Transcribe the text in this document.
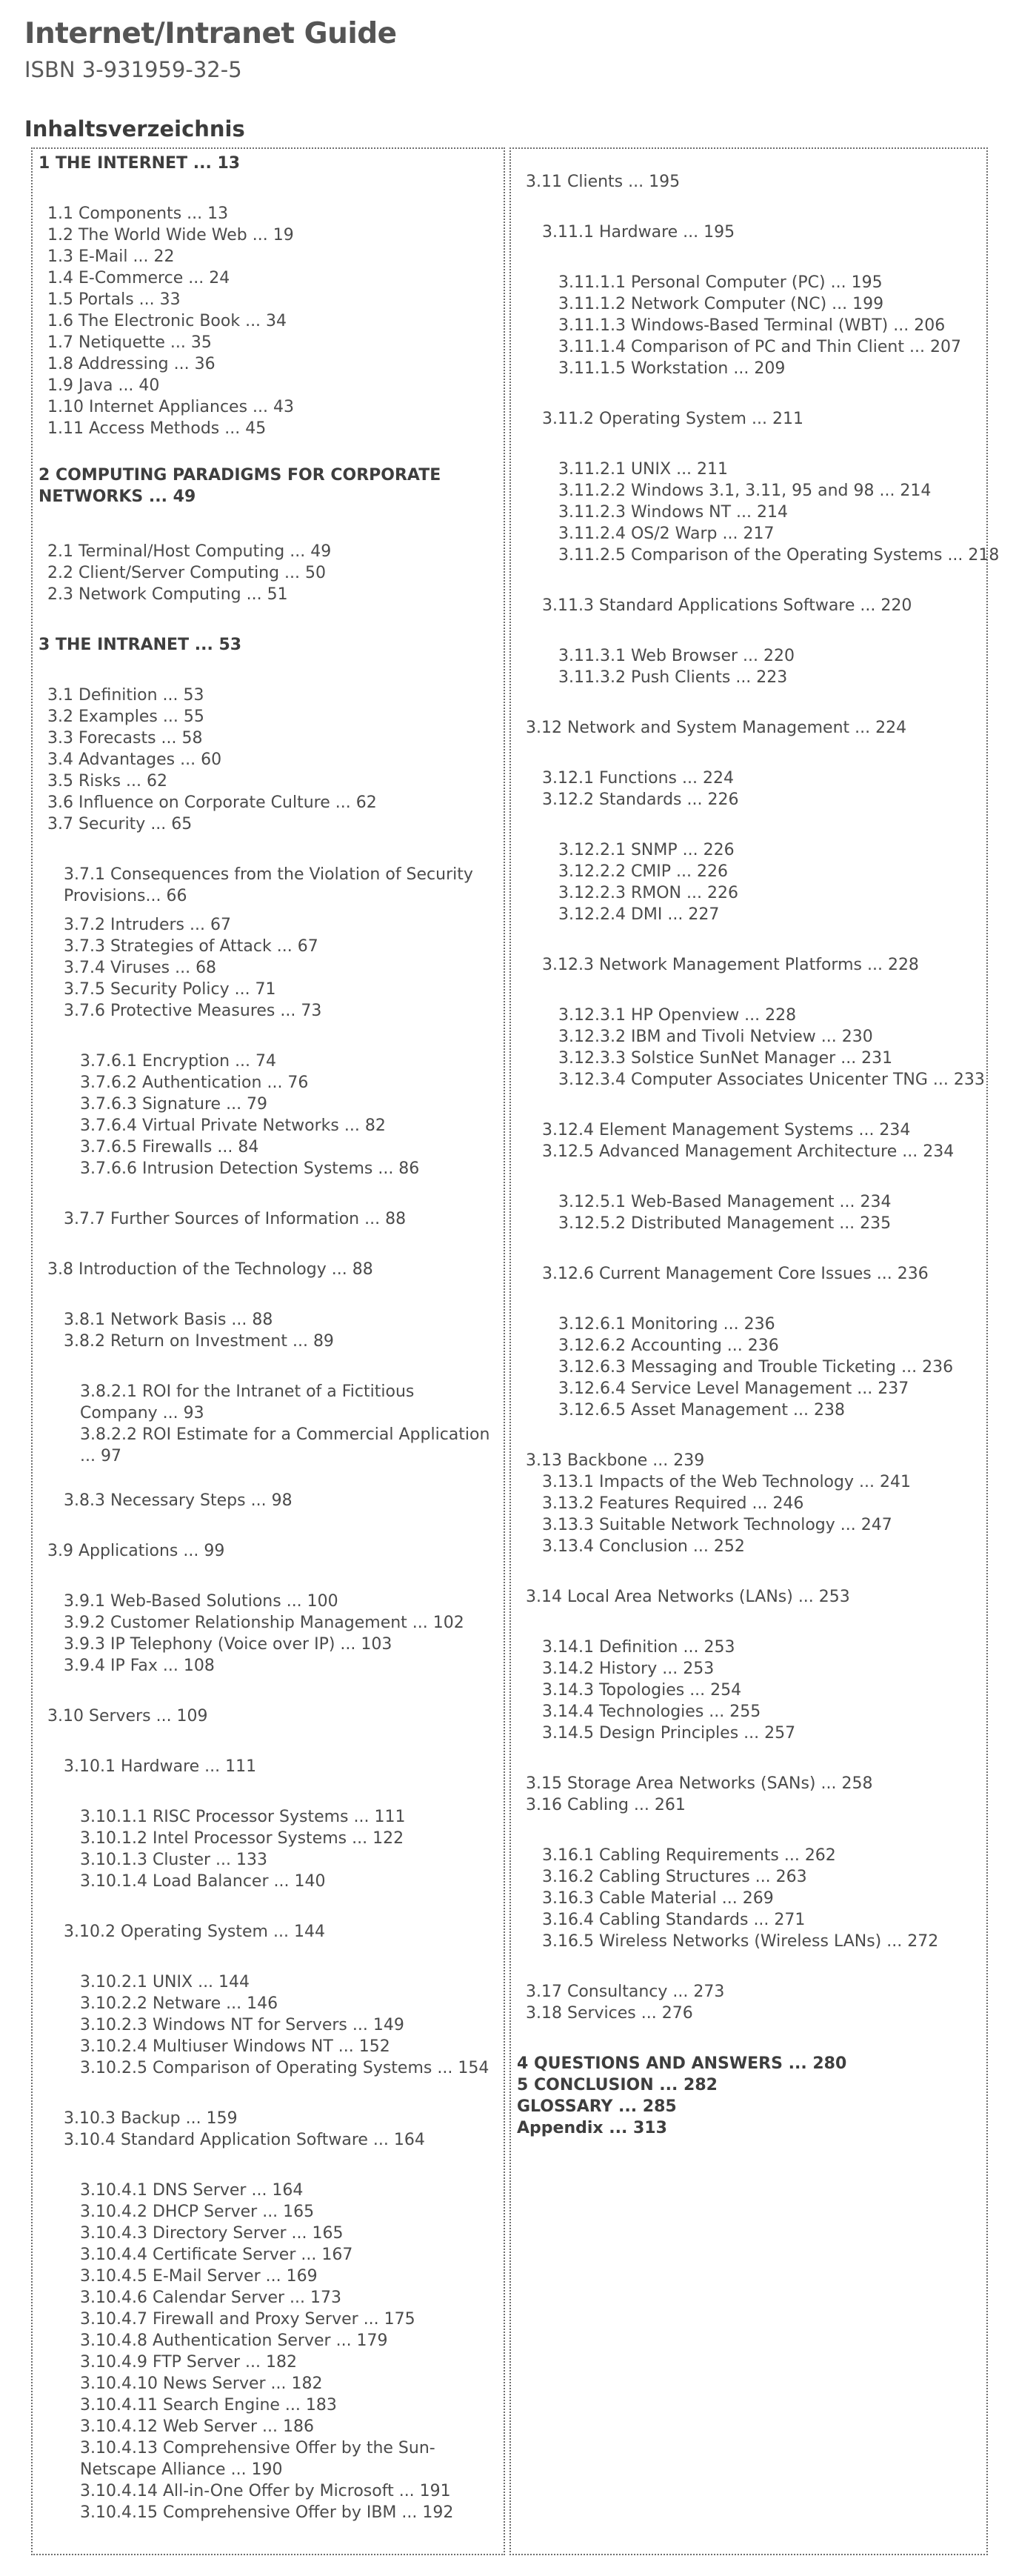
Internet/Intranet Guide
ISBN 3-931959-32-5
Inhaltsverzeichnis
1 THE INTERNET ... 13
1.1 Components ... 13
1.2 The World Wide Web ... 19
1.3 E-Mail ... 22
1.4 E-Commerce ... 24
1.5 Portals ... 33
1.6 The Electronic Book ... 34
1.7 Netiquette ... 35
1.8 Addressing ... 36
1.9 Java ... 40
1.10 Internet Appliances ... 43
1.11 Access Methods ... 45
2 COMPUTING PARADIGMS FOR CORPORATE NETWORKS ... 49
2.1 Terminal/Host Computing ... 49
2.2 Client/Server Computing ... 50
2.3 Network Computing ... 51
3 THE INTRANET ... 53
3.1 Definition ... 53
3.2 Examples ... 55
3.3 Forecasts ... 58
3.4 Advantages ... 60
3.5 Risks ... 62
3.6 Influence on Corporate Culture ... 62
3.7 Security ... 65
3.7.1 Consequences from the Violation of Security Provisions... 66
3.7.2 Intruders ... 67
3.7.3 Strategies of Attack ... 67
3.7.4 Viruses ... 68
3.7.5 Security Policy ... 71
3.7.6 Protective Measures ... 73
3.7.6.1 Encryption ... 74
3.7.6.2 Authentication ... 76
3.7.6.3 Signature ... 79
3.7.6.4 Virtual Private Networks ... 82
3.7.6.5 Firewalls ... 84
3.7.6.6 Intrusion Detection Systems ... 86
3.7.7 Further Sources of Information ... 88
3.8 Introduction of the Technology ... 88
3.8.1 Network Basis ... 88
3.8.2 Return on Investment ... 89
3.8.2.1 ROI for the Intranet of a Fictitious Company ... 93
3.8.2.2 ROI Estimate for a Commercial Application ... 97
3.8.3 Necessary Steps ... 98
3.9 Applications ... 99
3.9.1 Web-Based Solutions ... 100
3.9.2 Customer Relationship Management ... 102
3.9.3 IP Telephony (Voice over IP) ... 103
3.9.4 IP Fax ... 108
3.10 Servers ... 109
3.10.1 Hardware ... 111
3.10.1.1 RISC Processor Systems ... 111
3.10.1.2 Intel Processor Systems ... 122
3.10.1.3 Cluster ... 133
3.10.1.4 Load Balancer ... 140
3.10.2 Operating System ... 144
3.10.2.1 UNIX ... 144
3.10.2.2 Netware ... 146
3.10.2.3 Windows NT for Servers ... 149
3.10.2.4 Multiuser Windows NT ... 152
3.10.2.5 Comparison of Operating Systems ... 154
3.10.3 Backup ... 159
3.10.4 Standard Application Software ... 164
3.10.4.1 DNS Server ... 164
3.10.4.2 DHCP Server ... 165
3.10.4.3 Directory Server ... 165
3.10.4.4 Certificate Server ... 167
3.10.4.5 E-Mail Server ... 169
3.10.4.6 Calendar Server ... 173
3.10.4.7 Firewall and Proxy Server ... 175
3.10.4.8 Authentication Server ... 179
3.10.4.9 FTP Server ... 182
3.10.4.10 News Server ... 182
3.10.4.11 Search Engine ... 183
3.10.4.12 Web Server ... 186
3.10.4.13 Comprehensive Offer by the Sun-Netscape Alliance ... 190
3.10.4.14 All-in-One Offer by Microsoft ... 191
3.10.4.15 Comprehensive Offer by IBM ... 192
3.11 Clients ... 195
3.11.1 Hardware ... 195
3.11.1.1 Personal Computer (PC) ... 195
3.11.1.2 Network Computer (NC) ... 199
3.11.1.3 Windows-Based Terminal (WBT) ... 206
3.11.1.4 Comparison of PC and Thin Client ... 207
3.11.1.5 Workstation ... 209
3.11.2 Operating System ... 211
3.11.2.1 UNIX ... 211
3.11.2.2 Windows 3.1, 3.11, 95 and 98 ... 214
3.11.2.3 Windows NT ... 214
3.11.2.4 OS/2 Warp ... 217
3.11.2.5 Comparison of the Operating Systems ... 218
3.11.3 Standard Applications Software ... 220
3.11.3.1 Web Browser ... 220
3.11.3.2 Push Clients ... 223
3.12 Network and System Management ... 224
3.12.1 Functions ... 224
3.12.2 Standards ... 226
3.12.2.1 SNMP ... 226
3.12.2.2 CMIP ... 226
3.12.2.3 RMON ... 226
3.12.2.4 DMI ... 227
3.12.3 Network Management Platforms ... 228
3.12.3.1 HP Openview ... 228
3.12.3.2 IBM and Tivoli Netview ... 230
3.12.3.3 Solstice SunNet Manager ... 231
3.12.3.4 Computer Associates Unicenter TNG ... 233
3.12.4 Element Management Systems ... 234
3.12.5 Advanced Management Architecture ... 234
3.12.5.1 Web-Based Management ... 234
3.12.5.2 Distributed Management ... 235
3.12.6 Current Management Core Issues ... 236
3.12.6.1 Monitoring ... 236
3.12.6.2 Accounting ... 236
3.12.6.3 Messaging and Trouble Ticketing ... 236
3.12.6.4 Service Level Management ... 237
3.12.6.5 Asset Management ... 238
3.13 Backbone ... 239
3.13.1 Impacts of the Web Technology ... 241
3.13.2 Features Required ... 246
3.13.3 Suitable Network Technology ... 247
3.13.4 Conclusion ... 252
3.14 Local Area Networks (LANs) ... 253
3.14.1 Definition ... 253
3.14.2 History ... 253
3.14.3 Topologies ... 254
3.14.4 Technologies ... 255
3.14.5 Design Principles ... 257
3.15 Storage Area Networks (SANs) ... 258
3.16 Cabling ... 261
3.16.1 Cabling Requirements ... 262
3.16.2 Cabling Structures ... 263
3.16.3 Cable Material ... 269
3.16.4 Cabling Standards ... 271
3.16.5 Wireless Networks (Wireless LANs) ... 272
3.17 Consultancy ... 273
3.18 Services ... 276
4 QUESTIONS AND ANSWERS ... 280
5 CONCLUSION ... 282
GLOSSARY ... 285
Appendix ... 313
